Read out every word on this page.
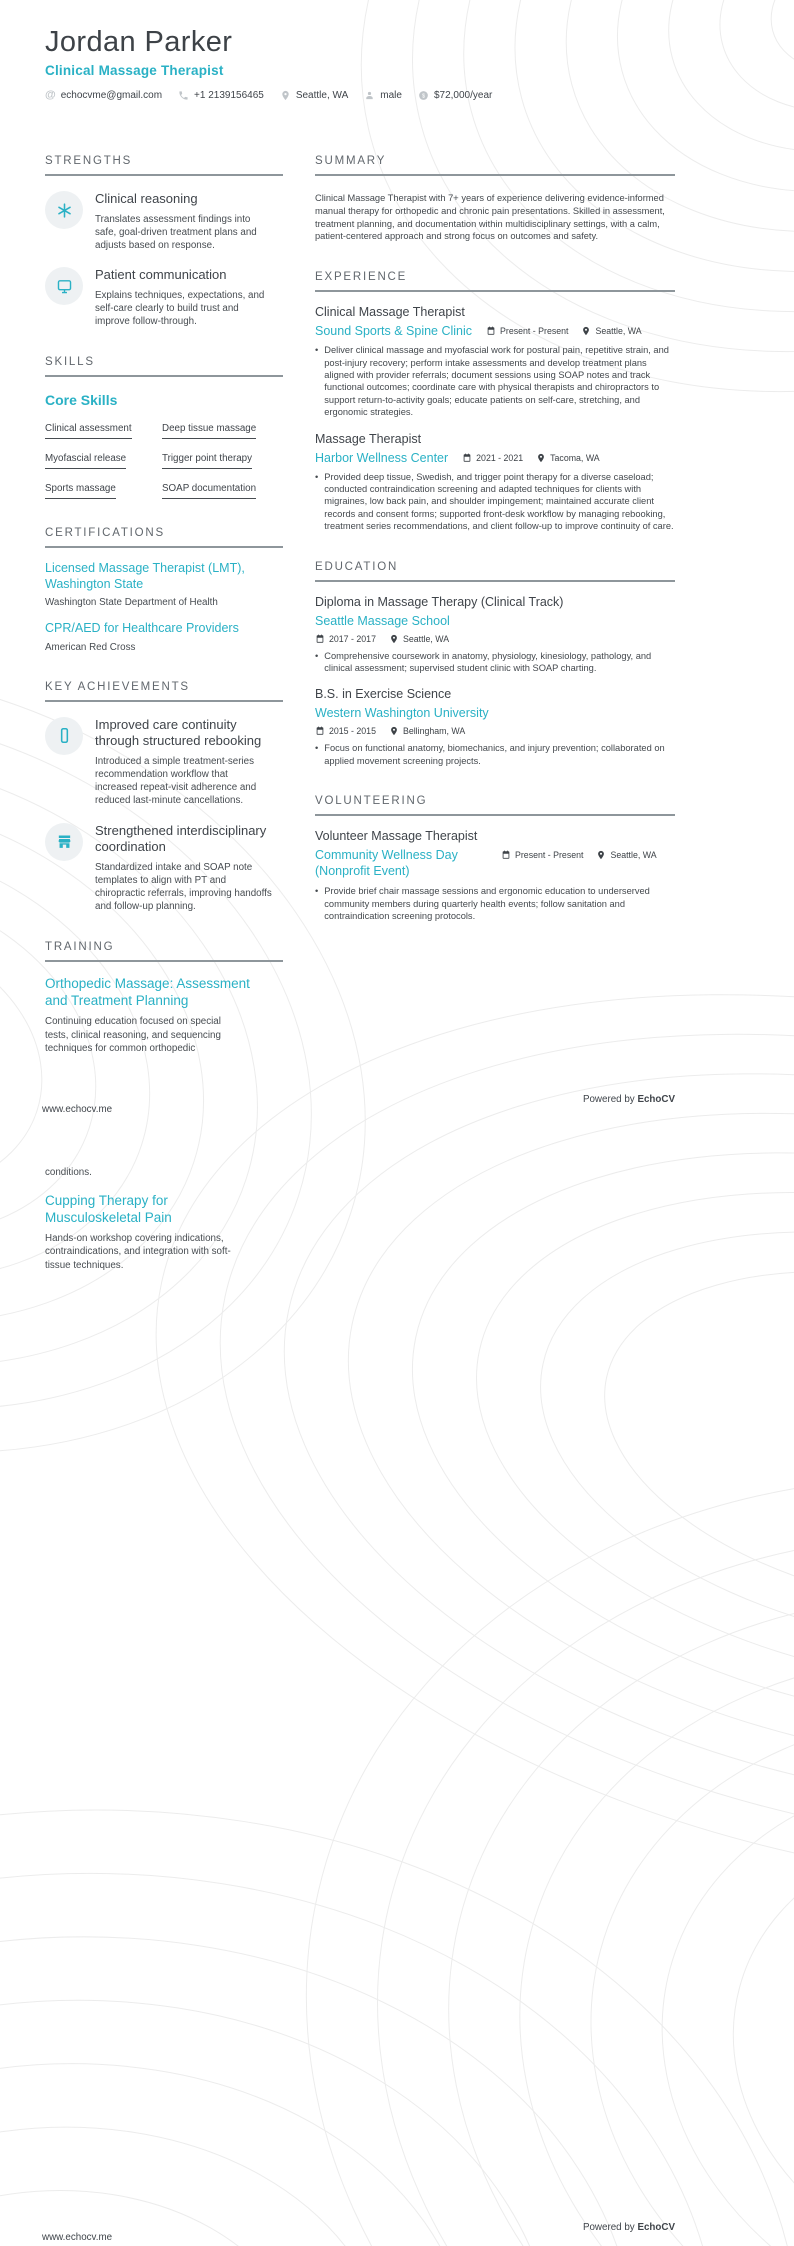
Jordan Parker
Clinical Massage Therapist
@ echocvme@gmail.com	+1 2139156465	Seattle, WA	male $ $72,000/year
STRENGTHS
Clinical reasoning
Translates assessment findings into safe, goal-driven treatment plans and adjusts based on response.
Patient communication
Explains techniques, expectations, and self-care clearly to build trust and improve follow-through.
SKILLS
Core Skills
Clinical assessment	Deep tissue massage
Myofascial release	Trigger point therapy
Sports massage	SOAP documentation
CERTIFICATIONS
Licensed Massage Therapist (LMT), Washington State
Washington State Department of Health
CPR/AED for Healthcare Providers
American Red Cross
KEY ACHIEVEMENTS
Improved care continuity through structured rebooking
Introduced a simple treatment-series recommendation workflow that increased repeat-visit adherence and reduced last-minute cancellations.
Strengthened interdisciplinary coordination
Standardized intake and SOAP note templates to align with PT and chiropractic referrals, improving handoffs and follow-up planning.
TRAINING
Orthopedic Massage: Assessment and Treatment Planning
Continuing education focused on special tests, clinical reasoning, and sequencing techniques for common orthopedic
SUMMARY
Clinical Massage Therapist with 7+ years of experience delivering evidence-informed manual therapy for orthopedic and chronic pain presentations. Skilled in assessment, treatment planning, and documentation within multidisciplinary settings, with a calm, patient-centered approach and strong focus on outcomes and safety.
EXPERIENCE
Clinical Massage Therapist
Sound Sports & Spine Clinic	Present - Present	Seattle, WA
• Deliver clinical massage and myofascial work for postural pain, repetitive strain, and post-injury recovery; perform intake assessments and develop treatment plans aligned with provider referrals; document sessions using SOAP notes and track functional outcomes; coordinate care with physical therapists and chiropractors to support return-to-activity goals; educate patients on self-care, stretching, and ergonomic strategies.
Massage Therapist
Harbor Wellness Center	2021 - 2021	Tacoma, WA
• Provided deep tissue, Swedish, and trigger point therapy for a diverse caseload; conducted contraindication screening and adapted techniques for clients with migraines, low back pain, and shoulder impingement; maintained accurate client records and consent forms; supported front-desk workflow by managing rebooking, treatment series recommendations, and client follow-up to improve continuity of care.
EDUCATION
Diploma in Massage Therapy (Clinical Track)
Seattle Massage School
2017 - 2017	Seattle, WA
• Comprehensive coursework in anatomy, physiology, kinesiology, pathology, and clinical assessment; supervised student clinic with SOAP charting.
B.S. in Exercise Science
Western Washington University
2015 - 2015	Bellingham, WA
• Focus on functional anatomy, biomechanics, and injury prevention; collaborated on applied movement screening projects.
VOLUNTEERING
Volunteer Massage Therapist
Community Wellness Day (Nonprofit Event)
Present - Present	Seattle, WA
• Provide brief chair massage sessions and ergonomic education to underserved community members during quarterly health events; follow sanitation and contraindication screening protocols.
www.echocv.me
Powered by EchoCV
conditions.
Cupping Therapy for Musculoskeletal Pain
Hands-on workshop covering indications, contraindications, and integration with soft-tissue techniques.
www.echocv.me
Powered by EchoCV
